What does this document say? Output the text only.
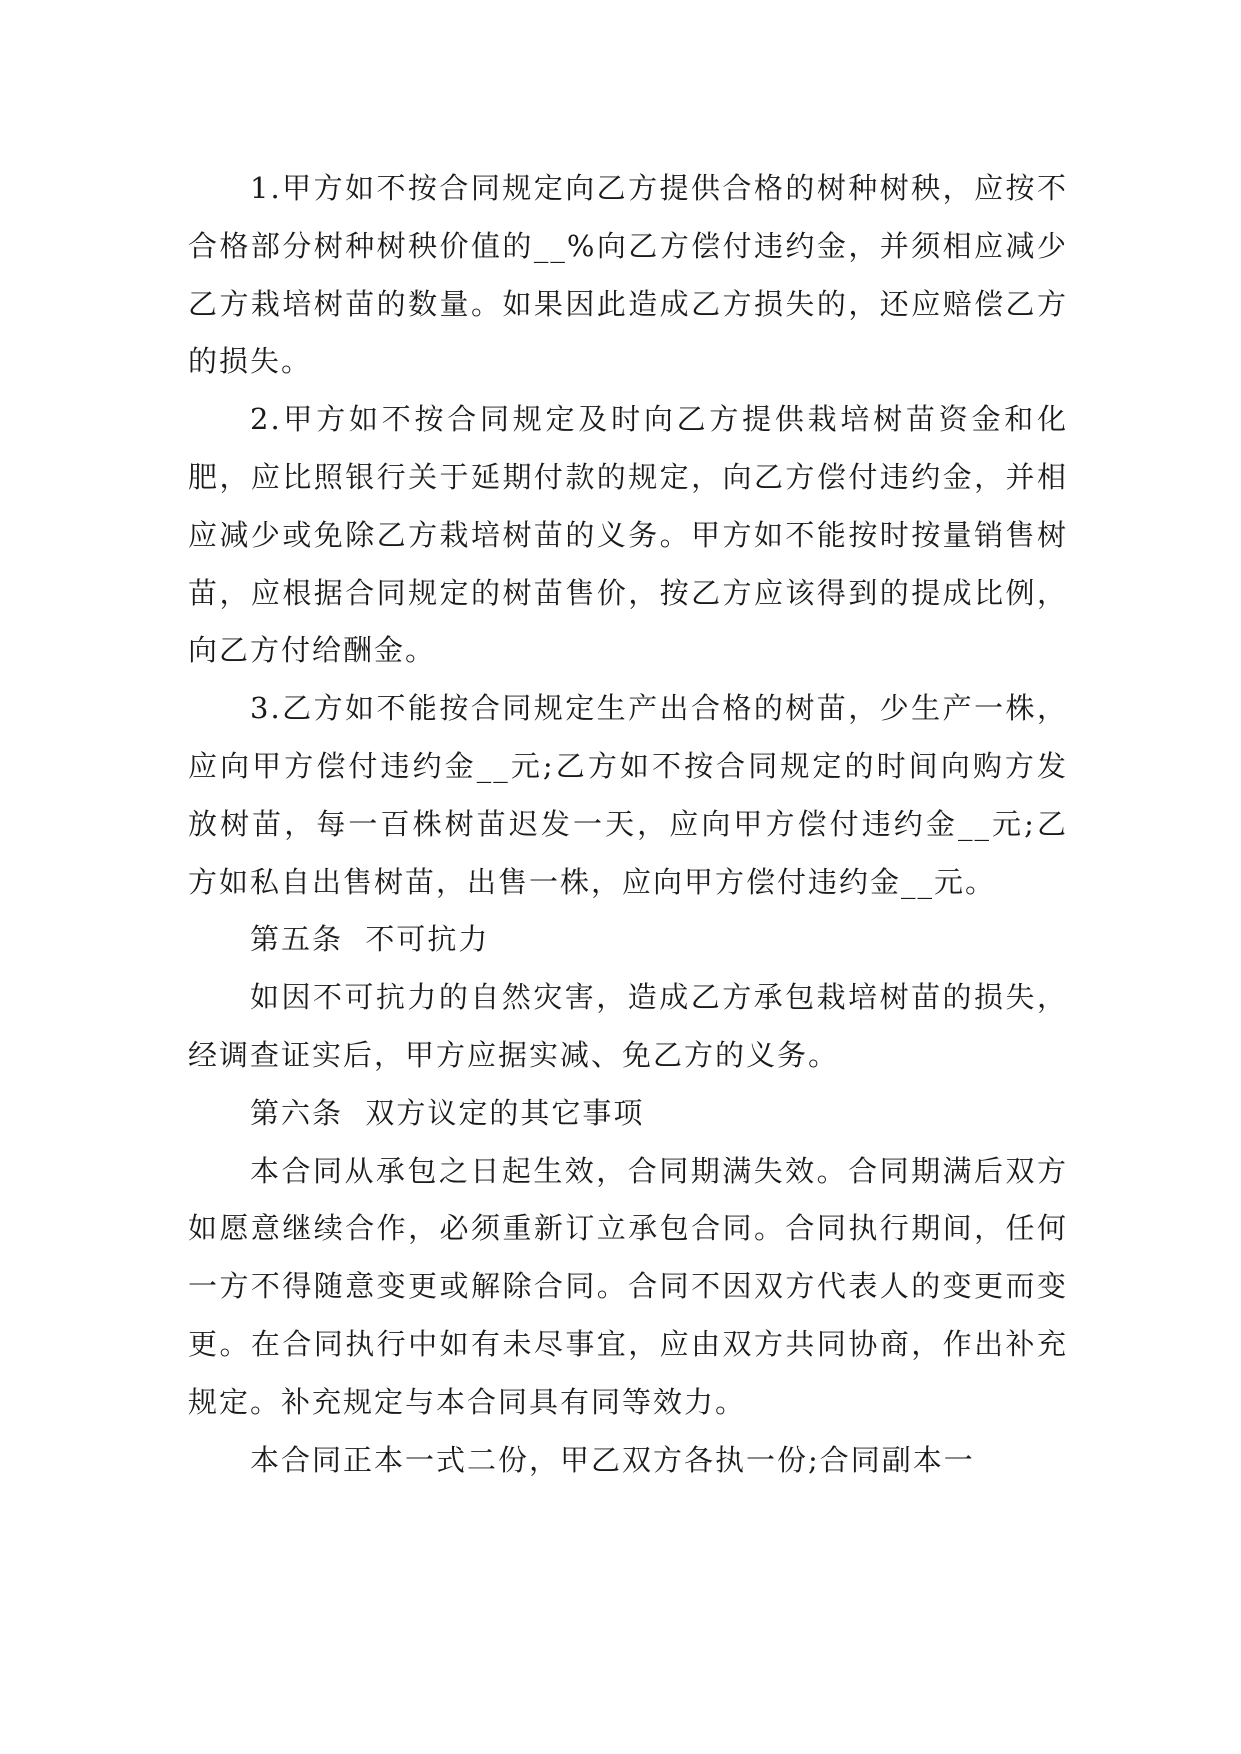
1.甲方如不按合同规定向乙方提供合格的树种树秧，应按不合格部分树种树秧价值的__%向乙方偿付违约金，并须相应减少乙方栽培树苗的数量。如果因此造成乙方损失的，还应赔偿乙方的损失。

2.甲方如不按合同规定及时向乙方提供栽培树苗资金和化肥，应比照银行关于延期付款的规定，向乙方偿付违约金，并相应减少或免除乙方栽培树苗的义务。甲方如不能按时按量销售树苗，应根据合同规定的树苗售价，按乙方应该得到的提成比例，向乙方付给酬金。

3.乙方如不能按合同规定生产出合格的树苗，少生产一株，应向甲方偿付违约金__元;乙方如不按合同规定的时间向购方发放树苗，每一百株树苗迟发一天，应向甲方偿付违约金__元;乙方如私自出售树苗，出售一株，应向甲方偿付违约金__元。

第五条  不可抗力

如因不可抗力的自然灾害，造成乙方承包栽培树苗的损失，经调查证实后，甲方应据实减、免乙方的义务。

第六条  双方议定的其它事项

本合同从承包之日起生效，合同期满失效。合同期满后双方如愿意继续合作，必须重新订立承包合同。合同执行期间，任何一方不得随意变更或解除合同。合同不因双方代表人的变更而变更。在合同执行中如有未尽事宜，应由双方共同协商，作出补充规定。补充规定与本合同具有同等效力。

本合同正本一式二份，甲乙双方各执一份;合同副本一
